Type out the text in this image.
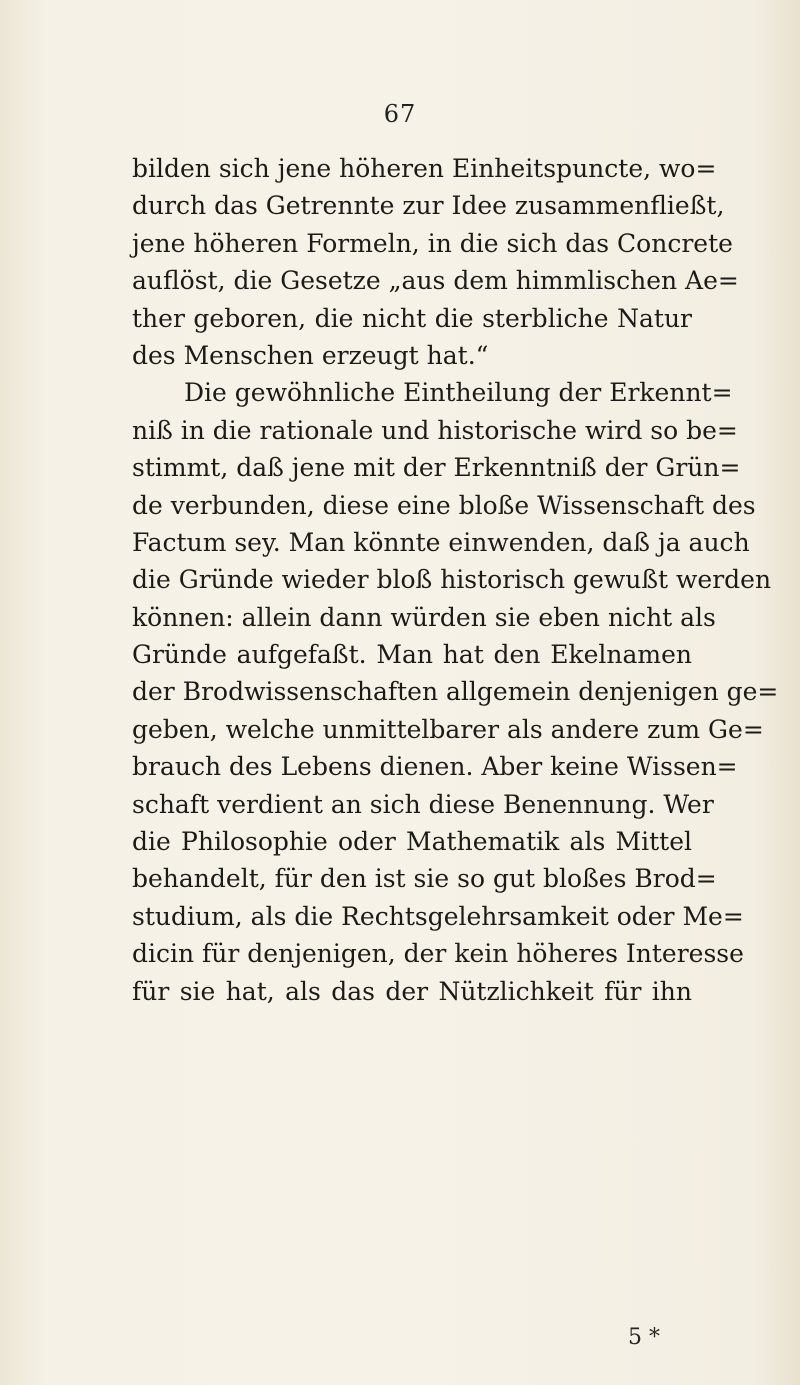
67
bilden sich jene höheren Einheitspuncte, wo=
durch das Getrennte zur Idee zusammenfließt,
jene höheren Formeln, in die sich das Concrete
auflöst, die Gesetze „aus dem himmlischen Ae=
ther geboren, die nicht die sterbliche Natur
des Menschen erzeugt hat.“
Die gewöhnliche Eintheilung der Erkennt=
niß in die rationale und historische wird so be=
stimmt, daß jene mit der Erkenntniß der Grün=
de verbunden, diese eine bloße Wissenschaft des
Factum sey. Man könnte einwenden, daß ja auch
die Gründe wieder bloß historisch gewußt werden
können: allein dann würden sie eben nicht als
Gründe aufgefaßt. Man hat den Ekelnamen
der Brodwissenschaften allgemein denjenigen ge=
geben, welche unmittelbarer als andere zum Ge=
brauch des Lebens dienen. Aber keine Wissen=
schaft verdient an sich diese Benennung. Wer
die Philosophie oder Mathematik als Mittel
behandelt, für den ist sie so gut bloßes Brod=
studium, als die Rechtsgelehrsamkeit oder Me=
dicin für denjenigen, der kein höheres Interesse
für sie hat, als das der Nützlichkeit für ihn
5 *
